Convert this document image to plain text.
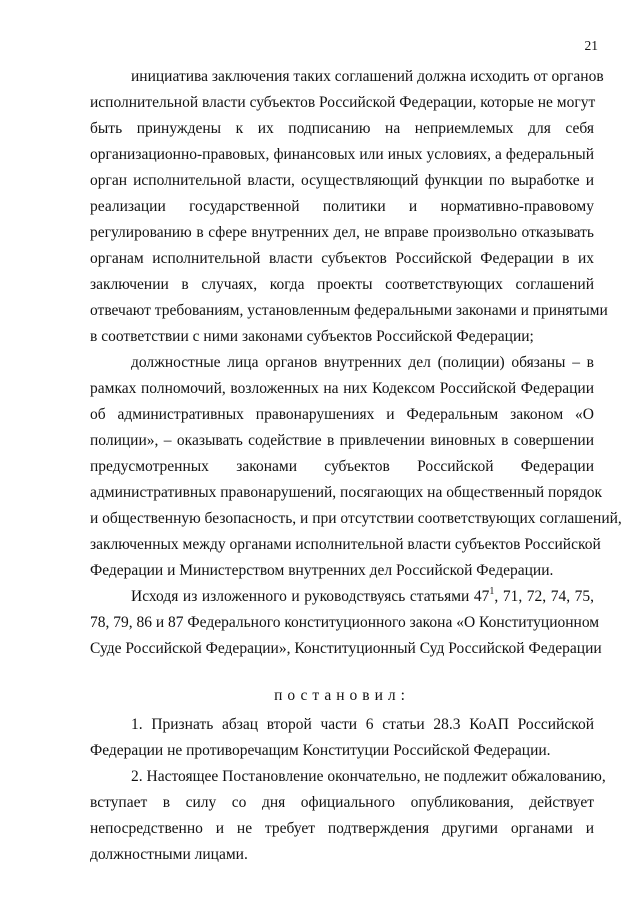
21
инициатива заключения таких соглашений должна исходить от органов
исполнительной власти субъектов Российской Федерации, которые не могут
быть принуждены к их подписанию на неприемлемых для себя
организационно-правовых, финансовых или иных условиях, а федеральный
орган исполнительной власти, осуществляющий функции по выработке и
реализации государственной политики и нормативно-правовому
регулированию в сфере внутренних дел, не вправе произвольно отказывать
органам исполнительной власти субъектов Российской Федерации в их
заключении в случаях, когда проекты соответствующих соглашений
отвечают требованиям, установленным федеральными законами и принятыми
в соответствии с ними законами субъектов Российской Федерации;
должностные лица органов внутренних дел (полиции) обязаны – в
рамках полномочий, возложенных на них Кодексом Российской Федерации
об административных правонарушениях и Федеральным законом «О
полиции», – оказывать содействие в привлечении виновных в совершении
предусмотренных законами субъектов Российской Федерации
административных правонарушений, посягающих на общественный порядок
и общественную безопасность, и при отсутствии соответствующих соглашений,
заключенных между органами исполнительной власти субъектов Российской
Федерации и Министерством внутренних дел Российской Федерации.
Исходя из изложенного и руководствуясь статьями $47^1$, 71, 72, 74, 75,
78, 79, 86 и 87 Федерального конституционного закона «О Конституционном
Суде Российской Федерации», Конституционный Суд Российской Федерации
постановил:
1. Признать абзац второй части 6 статьи 28.3 КоАП Российской
Федерации не противоречащим Конституции Российской Федерации.
2. Настоящее Постановление окончательно, не подлежит обжалованию,
вступает в силу со дня официального опубликования, действует
непосредственно и не требует подтверждения другими органами и
должностными лицами.
